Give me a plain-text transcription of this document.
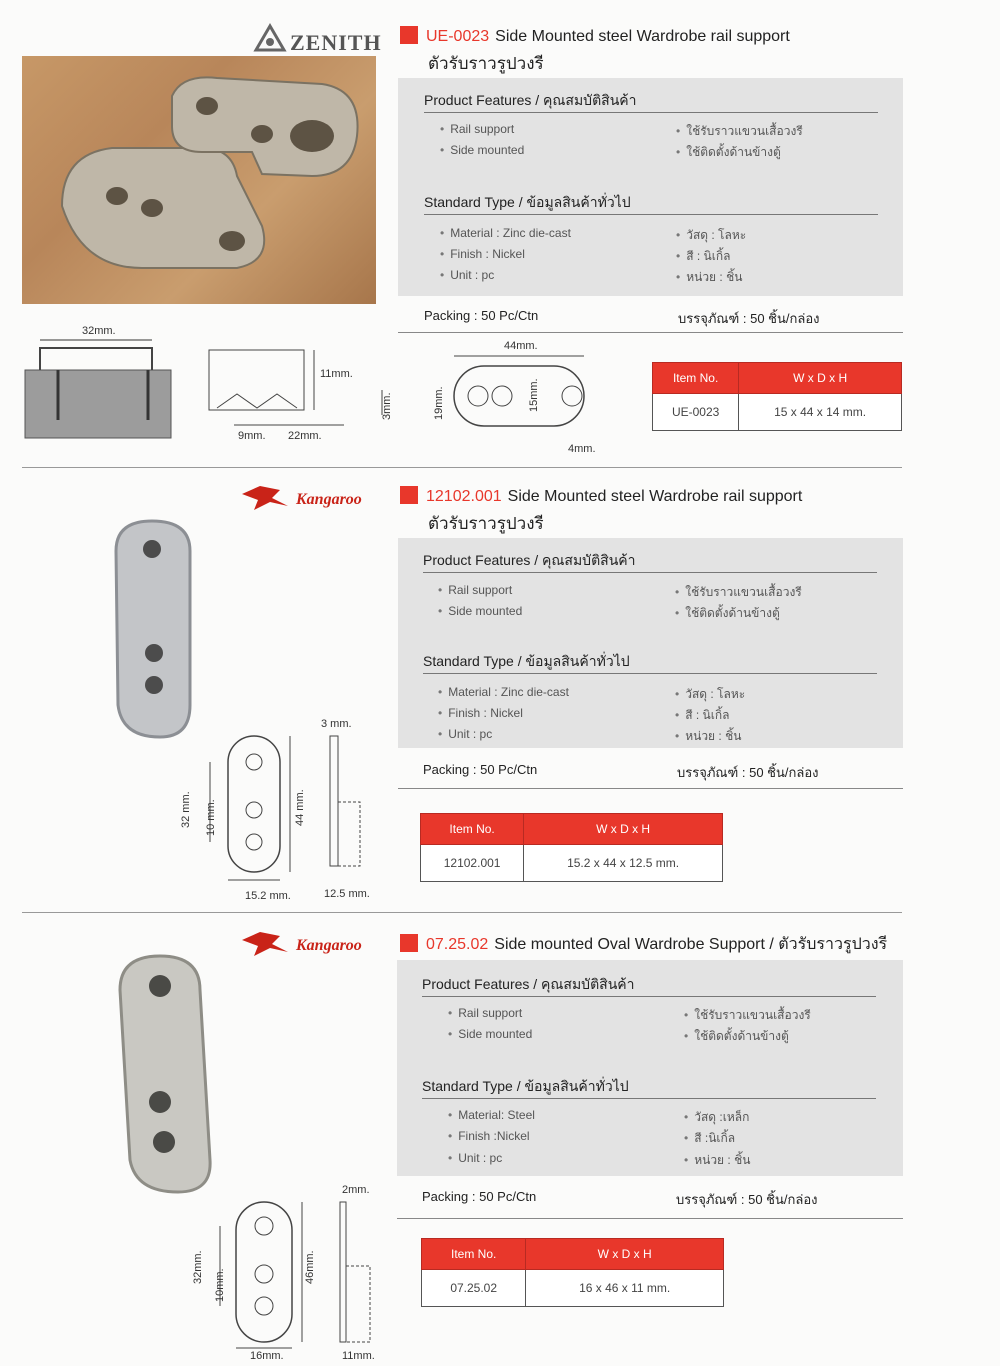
ZENITH	UE-0023 Side Mounted steel Wardrobe rail support
ตัวรับราวรูปวงรี
Product Features / คุณสมบัติสินค้า
• Rail support
• Side mounted
• ใช้รับราวแขวนเสื้อวงรี
• ใช้ติดตั้งด้านข้างตู้
Standard Type / ข้อมูลสินค้าทั่วไป
• Material : Zinc die-cast
• Finish : Nickel
• Unit : pc
• วัสดุ : โลหะ
• สี : นิเกิ้ล
• หน่วย : ชิ้น
Packing : 50 Pc/Ctn	บรรจุภัณฑ์ : 50 ชิ้น/กล่อง
32mm.
11mm.
3mm.
9mm. 22mm.
44mm.
19mm.	15mm.
4mm.
Item No.	W x D x H
UE-0023	15 x 44 x 14 mm.
Kangaroo	12102.001 Side Mounted steel Wardrobe rail support
ตัวรับราวรูปวงรี
Product Features / คุณสมบัติสินค้า
• Rail support
• Side mounted
• ใช้รับราวแขวนเสื้อวงรี
• ใช้ติดตั้งด้านข้างตู้
Standard Type / ข้อมูลสินค้าทั่วไป
• Material : Zinc die-cast
• Finish : Nickel
• Unit : pc
• วัสดุ : โลหะ
• สี : นิเกิ้ล
• หน่วย : ชิ้น
Packing : 50 Pc/Ctn	บรรจุภัณฑ์ : 50 ชิ้น/กล่อง
3 mm.
32 mm. 10 mm.	44 mm.
15.2 mm.	12.5 mm.
Item No.	W x D x H
12102.001	15.2 x 44 x 12.5 mm.
Kangaroo	07.25.02 Side mounted Oval Wardrobe Support / ตัวรับราวรูปวงรี
Product Features / คุณสมบัติสินค้า
• Rail support
• Side mounted
• ใช้รับราวแขวนเสื้อวงรี
• ใช้ติดตั้งด้านข้างตู้
Standard Type / ข้อมูลสินค้าทั่วไป
• Material: Steel
• Finish :Nickel
• Unit : pc
• วัสดุ :เหล็ก
• สี :นิเกิ้ล
• หน่วย : ชิ้น
Packing : 50 Pc/Ctn	บรรจุภัณฑ์ : 50 ชิ้น/กล่อง
2mm.
32mm.
10mm.
46mm.
16mm.	11mm.
Item No.	W x D x H
07.25.02	16 x 46 x 11 mm.
